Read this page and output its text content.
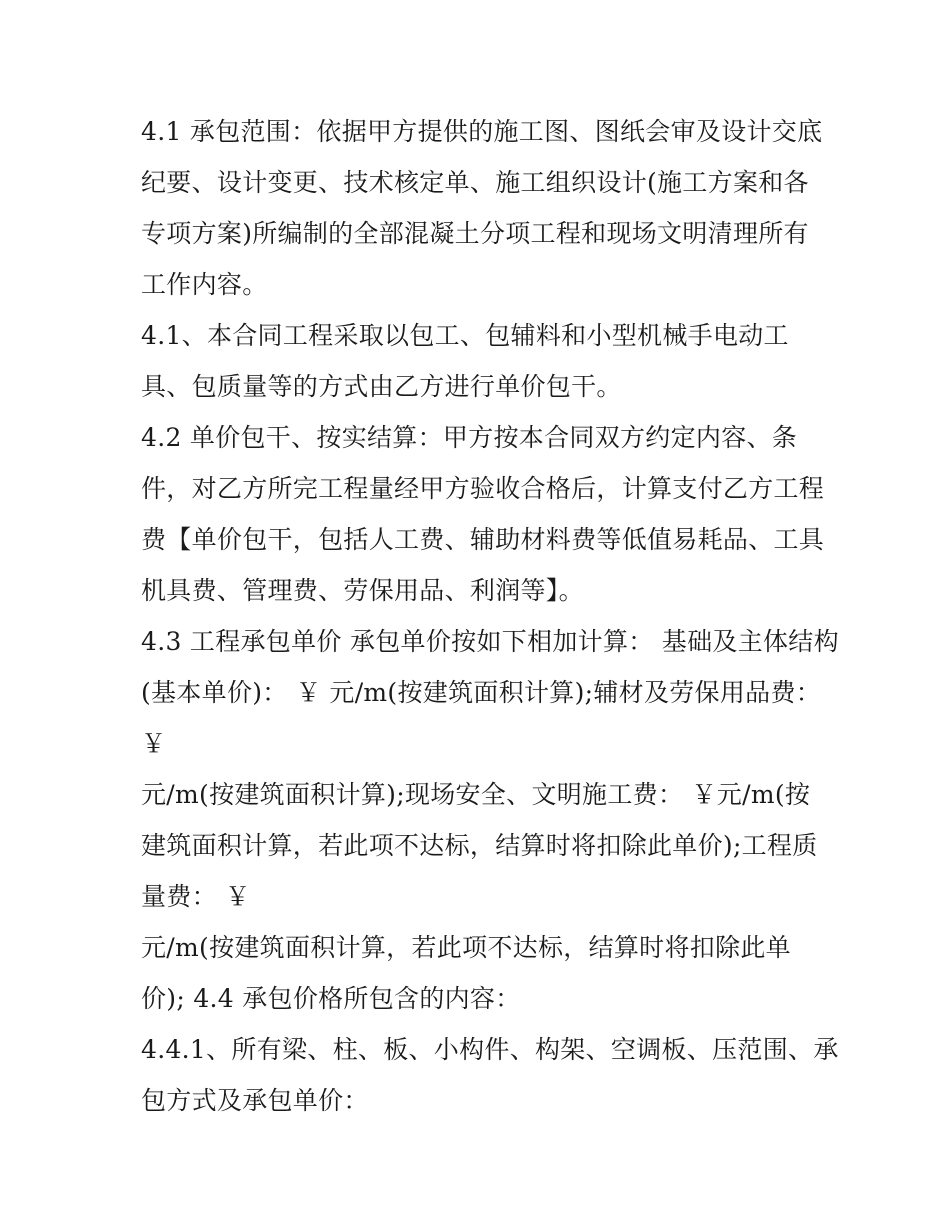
4.1 承包范围：依据甲方提供的施工图、图纸会审及设计交底
纪要、设计变更、技术核定单、施工组织设计(施工方案和各
专项方案)所编制的全部混凝土分项工程和现场文明清理所有
工作内容。
4.1、本合同工程采取以包工、包辅料和小型机械手电动工
具、包质量等的方式由乙方进行单价包干。
4.2 单价包干、按实结算：甲方按本合同双方约定内容、条
件，对乙方所完工程量经甲方验收合格后，计算支付乙方工程
费【单价包干，包括人工费、辅助材料费等低值易耗品、工具
机具费、管理费、劳保用品、利润等】。
4.3 工程承包单价 承包单价按如下相加计算： 基础及主体结构
(基本单价)： ￥ 元/m(按建筑面积计算);辅材及劳保用品费：
￥
元/m(按建筑面积计算);现场安全、文明施工费： ￥元/m(按
建筑面积计算，若此项不达标，结算时将扣除此单价);工程质
量费： ￥
元/m(按建筑面积计算，若此项不达标，结算时将扣除此单
价); 4.4 承包价格所包含的内容：
4.4.1、所有梁、柱、板、小构件、构架、空调板、压范围、承
包方式及承包单价：
